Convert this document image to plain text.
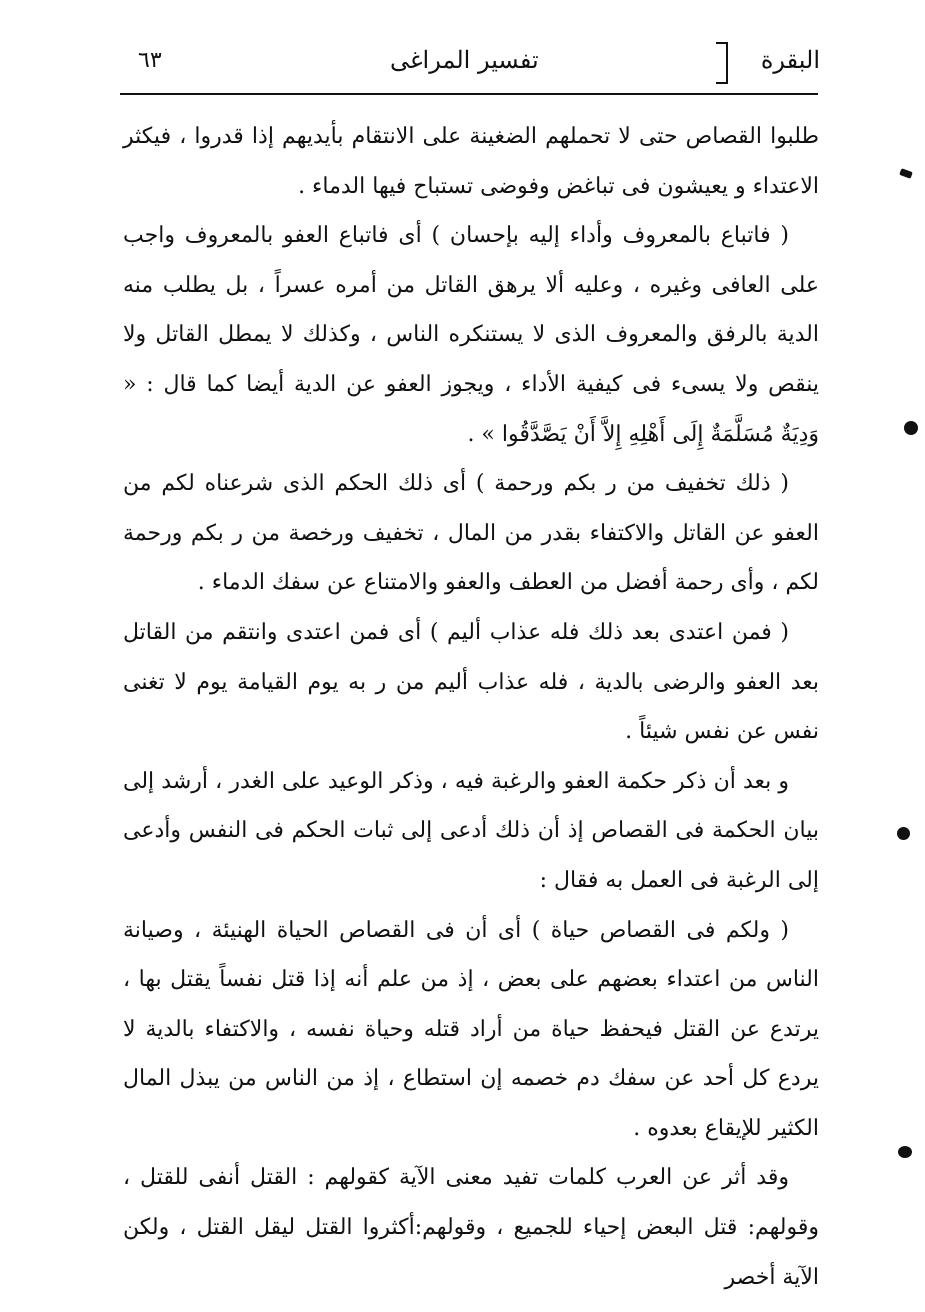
البقرة
تفسير المراغى
٦٣

طلبوا القصاص حتى لا تحملهم الضغينة على الانتقام بأيديهم إذا قدروا ، فيكثر الاعتداء و يعيشون فى تباغض وفوضى تستباح فيها الدماء .

( فاتباع بالمعروف وأداء إليه بإحسان ) أى فاتباع العفو بالمعروف واجب على العافى وغيره ، وعليه ألا يرهق القاتل من أمره عسراً ، بل يطلب منه الدية بالرفق والمعروف الذى لا يستنكره الناس ، وكذلك لا يمطل القاتل ولا ينقص ولا يسىء فى كيفية الأداء ، ويجوز العفو عن الدية أيضا كما قال : « وَدِيَةٌ مُسَلَّمَةٌ إِلَى أَهْلِهِ إِلاَّ أَنْ يَصَّدَّقُوا » .

( ذلك تخفيف من ر بكم ورحمة ) أى ذلك الحكم الذى شرعناه لكم من العفو عن القاتل والاكتفاء بقدر من المال ، تخفيف ورخصة من ر بكم ورحمة لكم ، وأى رحمة أفضل من العطف والعفو والامتناع عن سفك الدماء .

( فمن اعتدى بعد ذلك فله عذاب أليم ) أى فمن اعتدى وانتقم من القاتل بعد العفو والرضى بالدية ، فله عذاب أليم من ر به يوم القيامة يوم لا تغنى نفس عن نفس شيئاً .

و بعد أن ذكر حكمة العفو والرغبة فيه ، وذكر الوعيد على الغدر ، أرشد إلى بيان الحكمة فى القصاص إذ أن ذلك أدعى إلى ثبات الحكم فى النفس وأدعى إلى الرغبة فى العمل به فقال :

( ولكم فى القصاص حياة ) أى أن فى القصاص الحياة الهنيئة ، وصيانة الناس من اعتداء بعضهم على بعض ، إذ من علم أنه إذا قتل نفساً يقتل بها ، يرتدع عن القتل فيحفظ حياة من أراد قتله وحياة نفسه ، والاكتفاء بالدية لا يردع كل أحد عن سفك دم خصمه إن استطاع ، إذ من الناس من يبذل المال الكثير للإيقاع بعدوه .

وقد أثر عن العرب كلمات تفيد معنى الآية كقولهم : القتل أنفى للقتل ، وقولهم: قتل البعض إحياء للجميع ، وقولهم:أكثروا القتل ليقل القتل ، ولكن الآية أخصر
